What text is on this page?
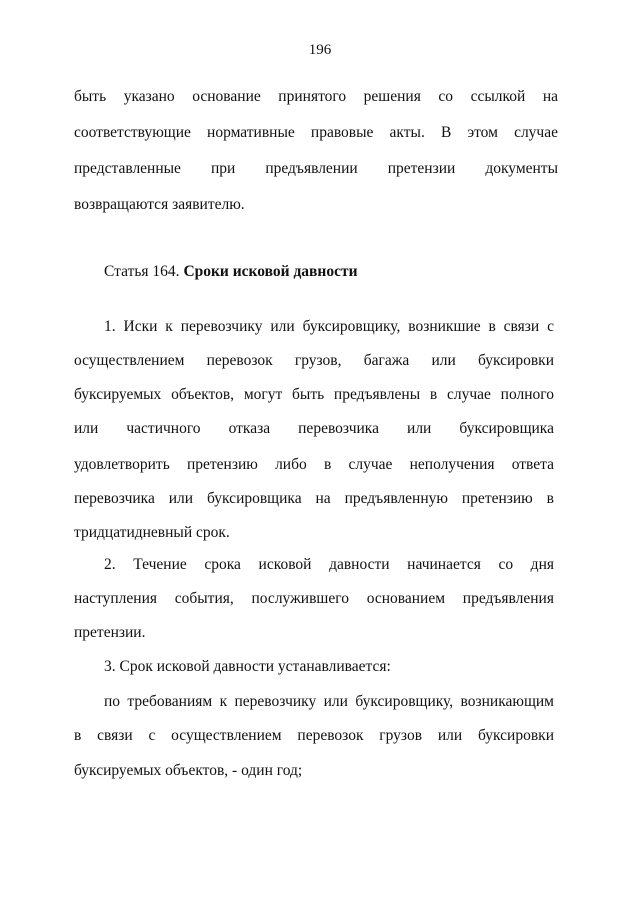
196
быть указано основание принятого решения со ссылкой на
соответствующие нормативные правовые акты. В этом случае
представленные при предъявлении претензии документы
возвращаются заявителю.
Статья 164. Сроки исковой давности
1. Иски к перевозчику или буксировщику, возникшие в связи с
осуществлением перевозок грузов, багажа или буксировки
буксируемых объектов, могут быть предъявлены в случае полного
или частичного отказа перевозчика или буксировщика
удовлетворить претензию либо в случае неполучения ответа
перевозчика или буксировщика на предъявленную претензию в
тридцатидневный срок.
2. Течение срока исковой давности начинается со дня
наступления события, послужившего основанием предъявления
претензии.
3. Срок исковой давности устанавливается:
по требованиям к перевозчику или буксировщику, возникающим
в связи с осуществлением перевозок грузов или буксировки
буксируемых объектов, - один год;
